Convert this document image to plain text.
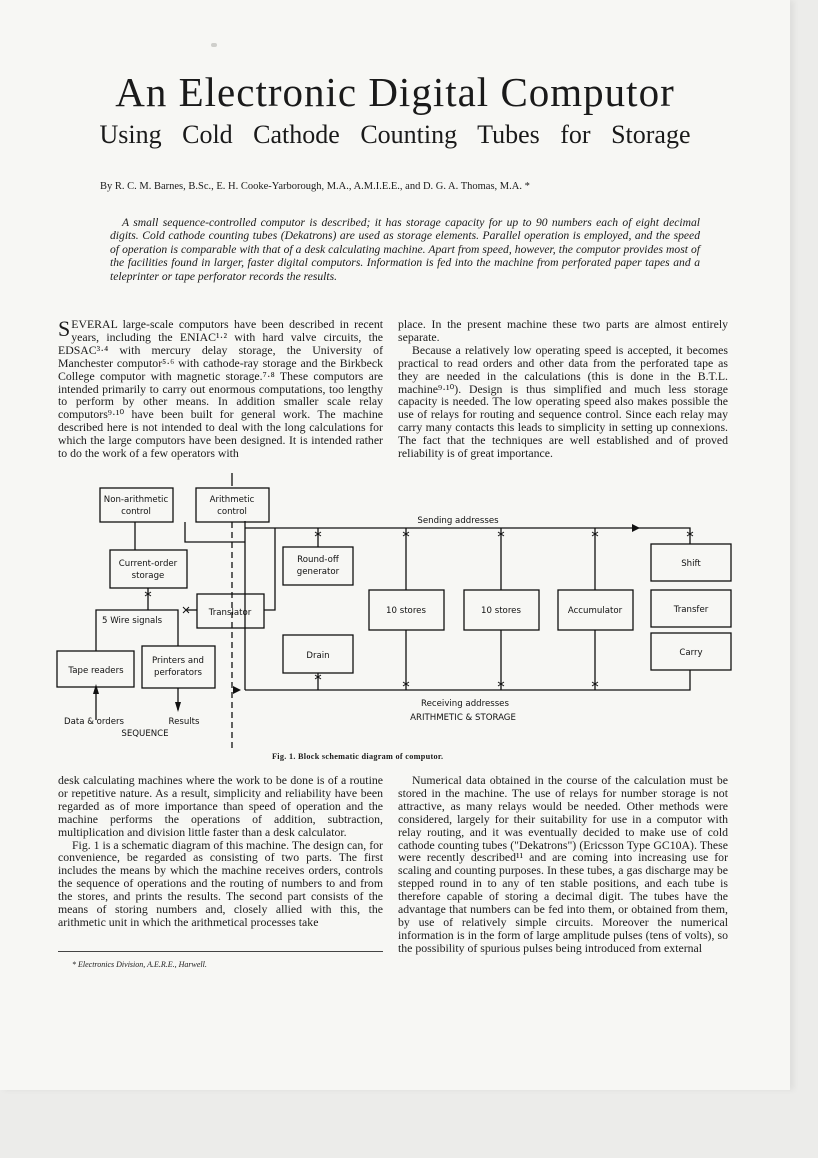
An Electronic Digital Computor
Using Cold Cathode Counting Tubes for Storage
By R. C. M. Barnes, B.Sc., E. H. Cooke-Yarborough, M.A., A.M.I.E.E., and D. G. A. Thomas, M.A. *
A small sequence-controlled computor is described; it has storage capacity for up to 90 numbers each of eight decimal digits. Cold cathode counting tubes (Dekatrons) are used as storage elements. Parallel operation is employed, and the speed of operation is comparable with that of a desk calculating machine. Apart from speed, however, the computor provides most of the facilities found in larger, faster digital computors. Information is fed into the machine from perforated paper tapes and a teleprinter or tape perforator records the results.

SEVERAL large-scale computors have been described in recent years, including the ENIAC¹·² with hard valve circuits, the EDSAC³·⁴ with mercury delay storage, the University of Manchester computor⁵·⁶ with cathode-ray storage and the Birkbeck College computor with magnetic storage.⁷·⁸ These computors are intended primarily to carry out enormous computations, too lengthy to perform by other means. In addition smaller scale relay computors⁹·¹⁰ have been built for general work. The machine described here is not intended to deal with the long calculations for which the large computors have been designed. It is intended rather to do the work of a few operators with

place. In the present machine these two parts are almost entirely separate.

Because a relatively low operating speed is accepted, it becomes practical to read orders and other data from the perforated tape as they are needed in the calculations (this is done in the B.T.L. machine⁹·¹⁰). Design is thus simplified and much less storage capacity is needed. The low operating speed also makes possible the use of relays for routing and sequence control. Since each relay may carry many contacts this leads to simplicity in setting up connexions. The fact that the techniques are well established and of proved reliability is of great importance.

Non-arithmetic
control
Arithmetic
control
Current-order
storage
Round-off
generator
Translator	10 stores	10 stores	Accumulator
Shift
Transfer
Carry
Drain
Tape readers
Printers and
perforators
Sending addresses
Receiving addresses
ARITHMETIC & STORAGE
Data & orders	Results
SEQUENCE
5 Wire signals
Fig. 1. Block schematic diagram of computor.

desk calculating machines where the work to be done is of a routine or repetitive nature. As a result, simplicity and reliability have been regarded as of more importance than speed of operation and the machine performs the operations of addition, subtraction, multiplication and division little faster than a desk calculator.

Fig. 1 is a schematic diagram of this machine. The design can, for convenience, be regarded as consisting of two parts. The first includes the means by which the machine receives orders, controls the sequence of operations and the routing of numbers to and from the stores, and prints the results. The second part consists of the means of storing numbers and, closely allied with this, the arithmetic unit in which the arithmetical processes take

Numerical data obtained in the course of the calculation must be stored in the machine. The use of relays for number storage is not attractive, as many relays would be needed. Other methods were considered, largely for their suitability for use in a computor with relay routing, and it was eventually decided to make use of cold cathode counting tubes ("Dekatrons") (Ericsson Type GC10A). These were recently described¹¹ and are coming into increasing use for scaling and counting purposes. In these tubes, a gas discharge may be stepped round in to any of ten stable positions, and each tube is therefore capable of storing a decimal digit. The tubes have the advantage that numbers can be fed into them, or obtained from them, by use of relatively simple circuits. Moreover the numerical information is in the form of large amplitude pulses (tens of volts), so the possibility of spurious pulses being introduced from external

* Electronics Division, A.E.R.E., Harwell.
